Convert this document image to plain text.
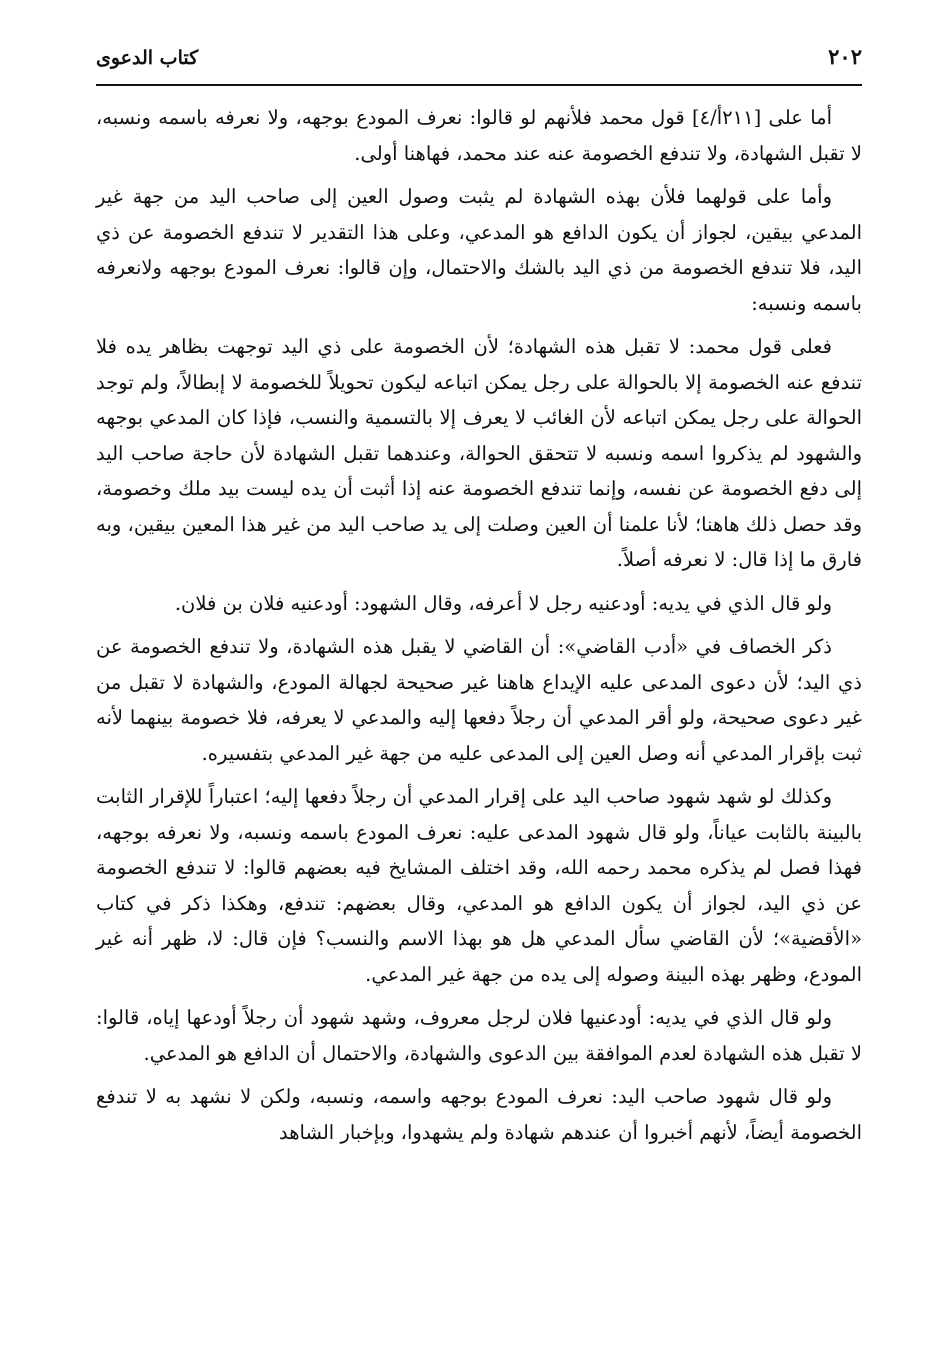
٢٠٢
كتاب الدعوى

أما على [٢١١أ/٤] قول محمد فلأنهم لو قالوا: نعرف المودع بوجهه، ولا نعرفه باسمه ونسبه، لا تقبل الشهادة، ولا تندفع الخصومة عنه عند محمد، فهاهنا أولى.

وأما على قولهما فلأن بهذه الشهادة لم يثبت وصول العين إلى صاحب اليد من جهة غير المدعي بيقين، لجواز أن يكون الدافع هو المدعي، وعلى هذا التقدير لا تندفع الخصومة عن ذي اليد، فلا تندفع الخصومة من ذي اليد بالشك والاحتمال، وإن قالوا: نعرف المودع بوجهه ولانعرفه باسمه ونسبه:

فعلى قول محمد: لا تقبل هذه الشهادة؛ لأن الخصومة على ذي اليد توجهت بظاهر يده فلا تندفع عنه الخصومة إلا بالحوالة على رجل يمكن اتباعه ليكون تحويلاً للخصومة لا إبطالاً، ولم توجد الحوالة على رجل يمكن اتباعه لأن الغائب لا يعرف إلا بالتسمية والنسب، فإذا كان المدعي بوجهه والشهود لم يذكروا اسمه ونسبه لا تتحقق الحوالة، وعندهما تقبل الشهادة لأن حاجة صاحب اليد إلى دفع الخصومة عن نفسه، وإنما تندفع الخصومة عنه إذا أثبت أن يده ليست بيد ملك وخصومة، وقد حصل ذلك هاهنا؛ لأنا علمنا أن العين وصلت إلى يد صاحب اليد من غير هذا المعين بيقين، وبه فارق ما إذا قال: لا نعرفه أصلاً.

ولو قال الذي في يديه: أودعنيه رجل لا أعرفه، وقال الشهود: أودعنيه فلان بن فلان.

ذكر الخصاف في «أدب القاضي»: أن القاضي لا يقبل هذه الشهادة، ولا تندفع الخصومة عن ذي اليد؛ لأن دعوى المدعى عليه الإيداع هاهنا غير صحيحة لجهالة المودع، والشهادة لا تقبل من غير دعوى صحيحة، ولو أقر المدعي أن رجلاً دفعها إليه والمدعي لا يعرفه، فلا خصومة بينهما لأنه ثبت بإقرار المدعي أنه وصل العين إلى المدعى عليه من جهة غير المدعي بتفسيره.

وكذلك لو شهد شهود صاحب اليد على إقرار المدعي أن رجلاً دفعها إليه؛ اعتباراً للإقرار الثابت بالبينة بالثابت عياناً، ولو قال شهود المدعى عليه: نعرف المودع باسمه ونسبه، ولا نعرفه بوجهه، فهذا فصل لم يذكره محمد رحمه الله، وقد اختلف المشايخ فيه بعضهم قالوا: لا تندفع الخصومة عن ذي اليد، لجواز أن يكون الدافع هو المدعي، وقال بعضهم: تندفع، وهكذا ذكر في كتاب «الأقضية»؛ لأن القاضي سأل المدعي هل هو بهذا الاسم والنسب؟ فإن قال: لا، ظهر أنه غير المودع، وظهر بهذه البينة وصوله إلى يده من جهة غير المدعي.

ولو قال الذي في يديه: أودعنيها فلان لرجل معروف، وشهد شهود أن رجلاً أودعها إياه، قالوا: لا تقبل هذه الشهادة لعدم الموافقة بين الدعوى والشهادة، والاحتمال أن الدافع هو المدعي.

ولو قال شهود صاحب اليد: نعرف المودع بوجهه واسمه، ونسبه، ولكن لا نشهد به لا تندفع الخصومة أيضاً، لأنهم أخبروا أن عندهم شهادة ولم يشهدوا، وبإخبار الشاهد
